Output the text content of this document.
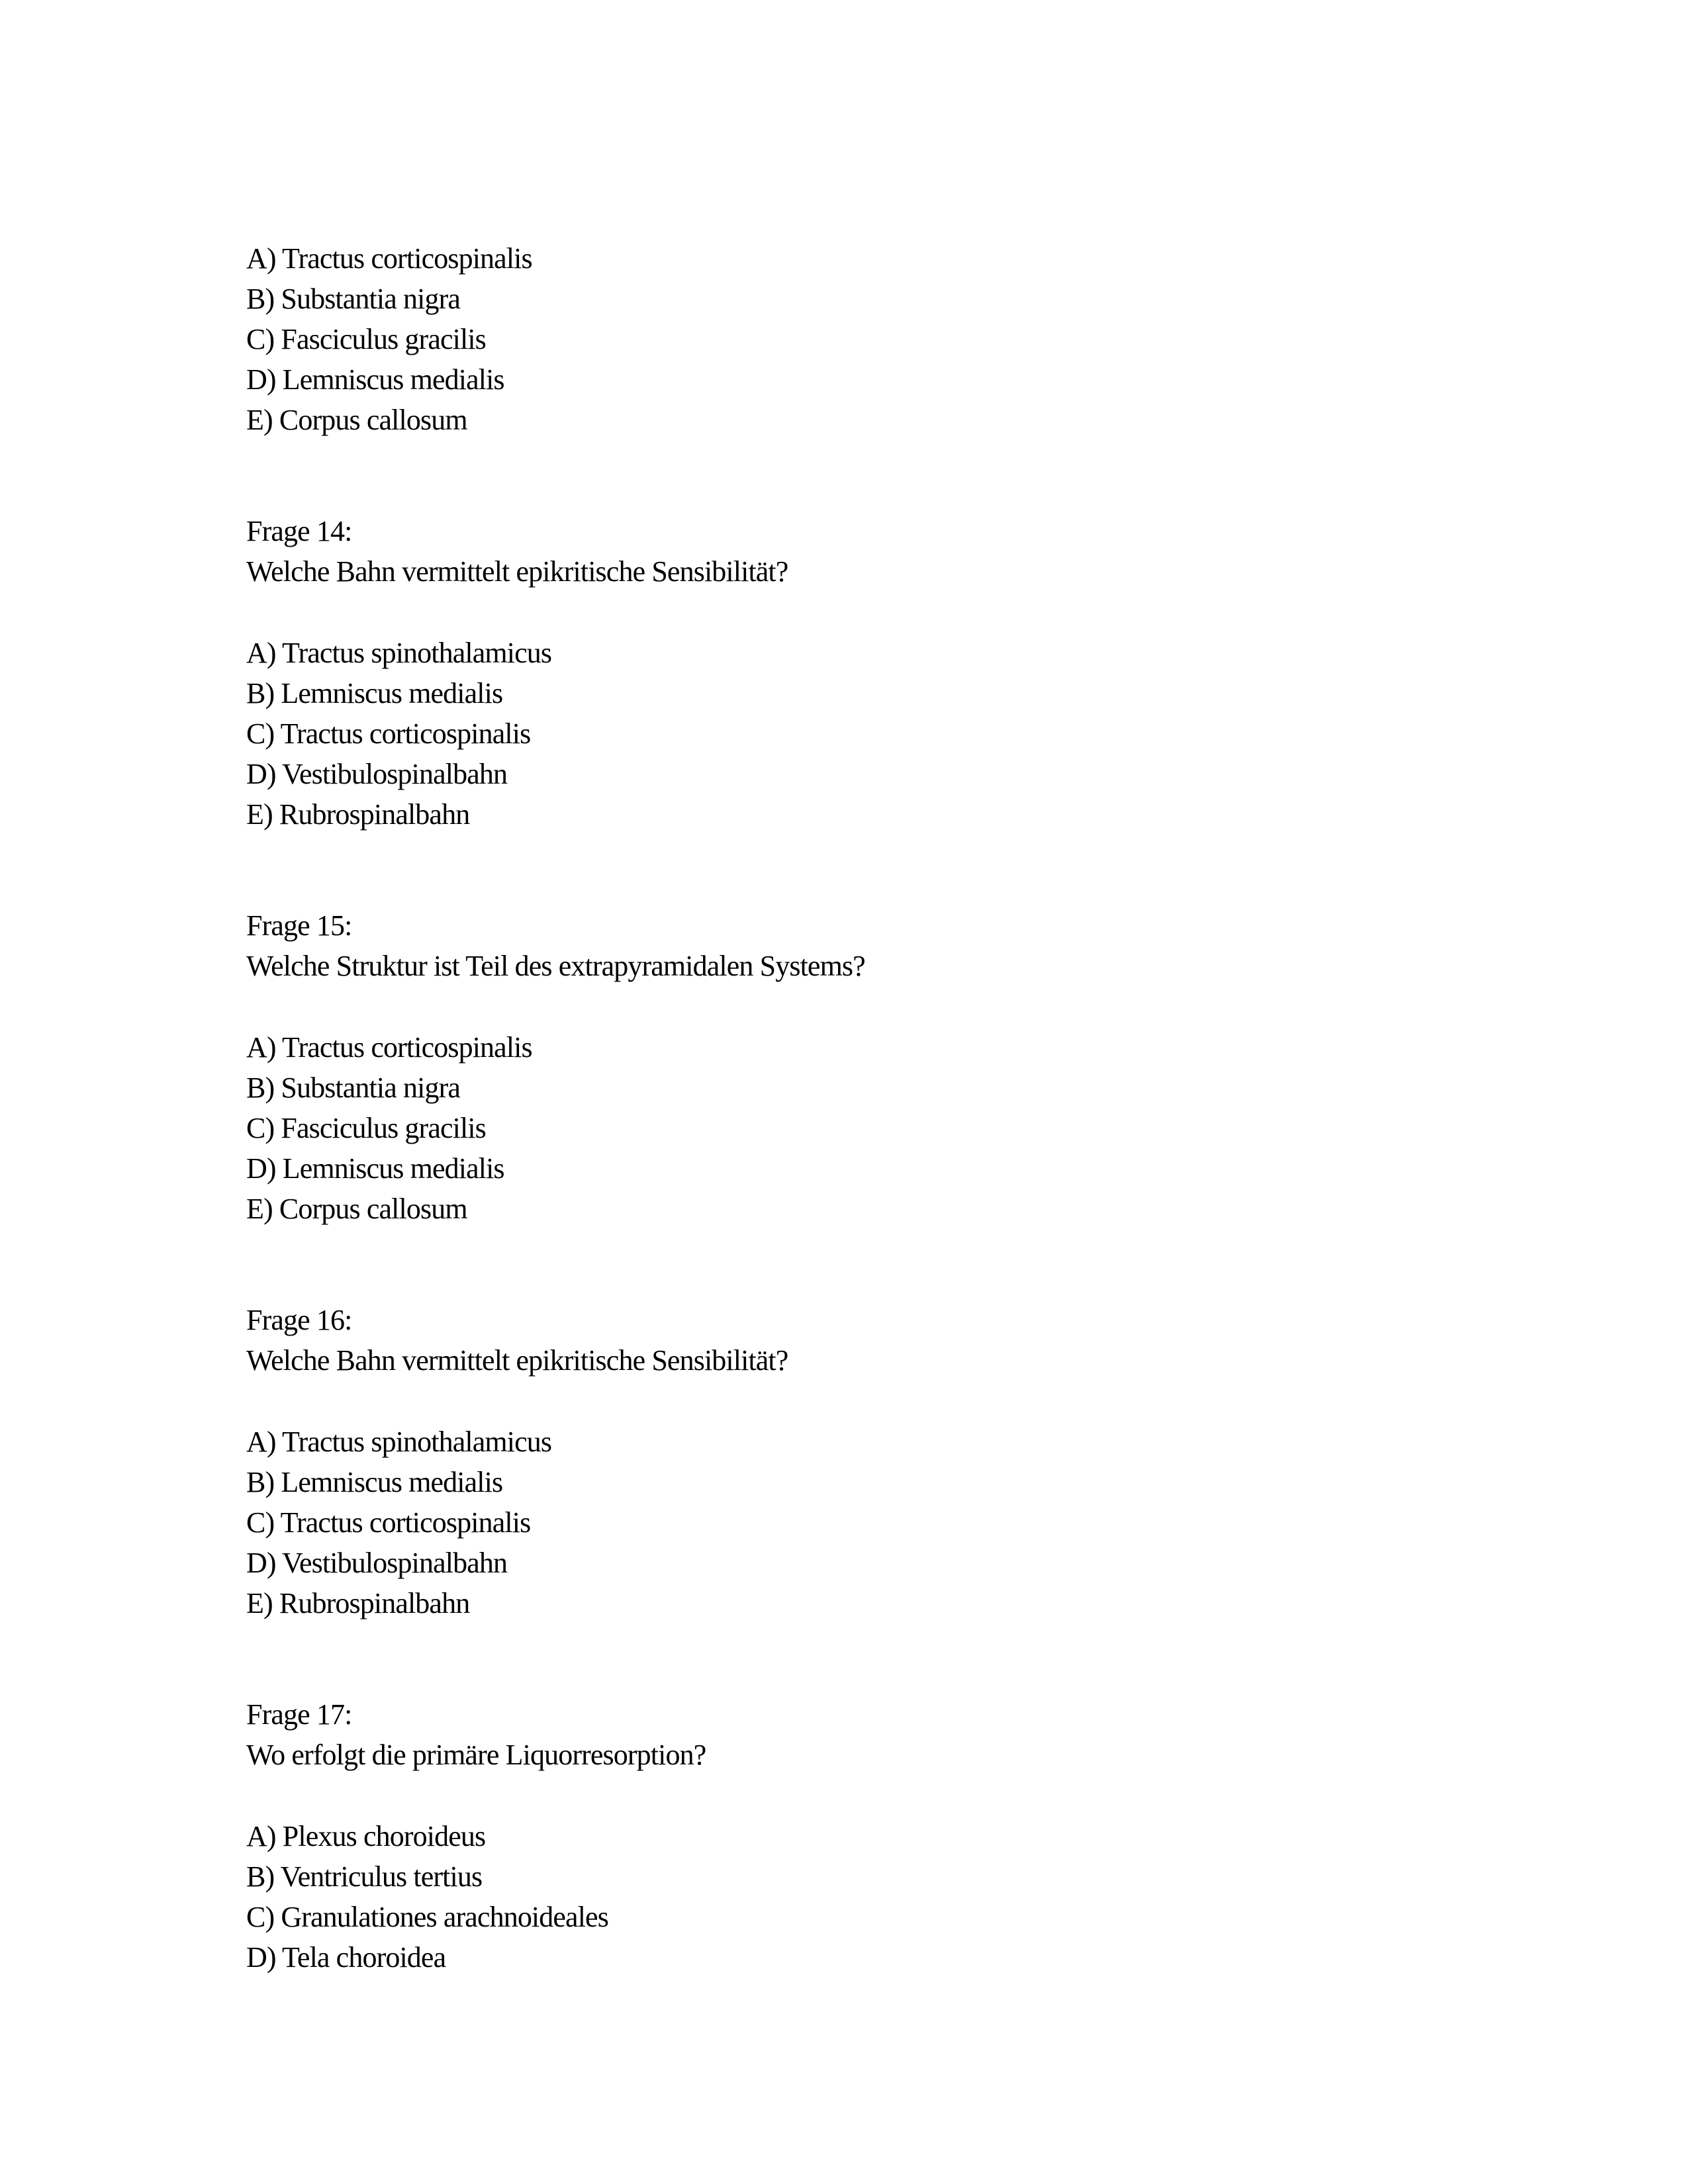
A) Tractus corticospinalis
B) Substantia nigra
C) Fasciculus gracilis
D) Lemniscus medialis
E) Corpus callosum
Frage 14:
Welche Bahn vermittelt epikritische Sensibilität?
A) Tractus spinothalamicus
B) Lemniscus medialis
C) Tractus corticospinalis
D) Vestibulospinalbahn
E) Rubrospinalbahn
Frage 15:
Welche Struktur ist Teil des extrapyramidalen Systems?
A) Tractus corticospinalis
B) Substantia nigra
C) Fasciculus gracilis
D) Lemniscus medialis
E) Corpus callosum
Frage 16:
Welche Bahn vermittelt epikritische Sensibilität?
A) Tractus spinothalamicus
B) Lemniscus medialis
C) Tractus corticospinalis
D) Vestibulospinalbahn
E) Rubrospinalbahn
Frage 17:
Wo erfolgt die primäre Liquorresorption?
A) Plexus choroideus
B) Ventriculus tertius
C) Granulationes arachnoideales
D) Tela choroidea
